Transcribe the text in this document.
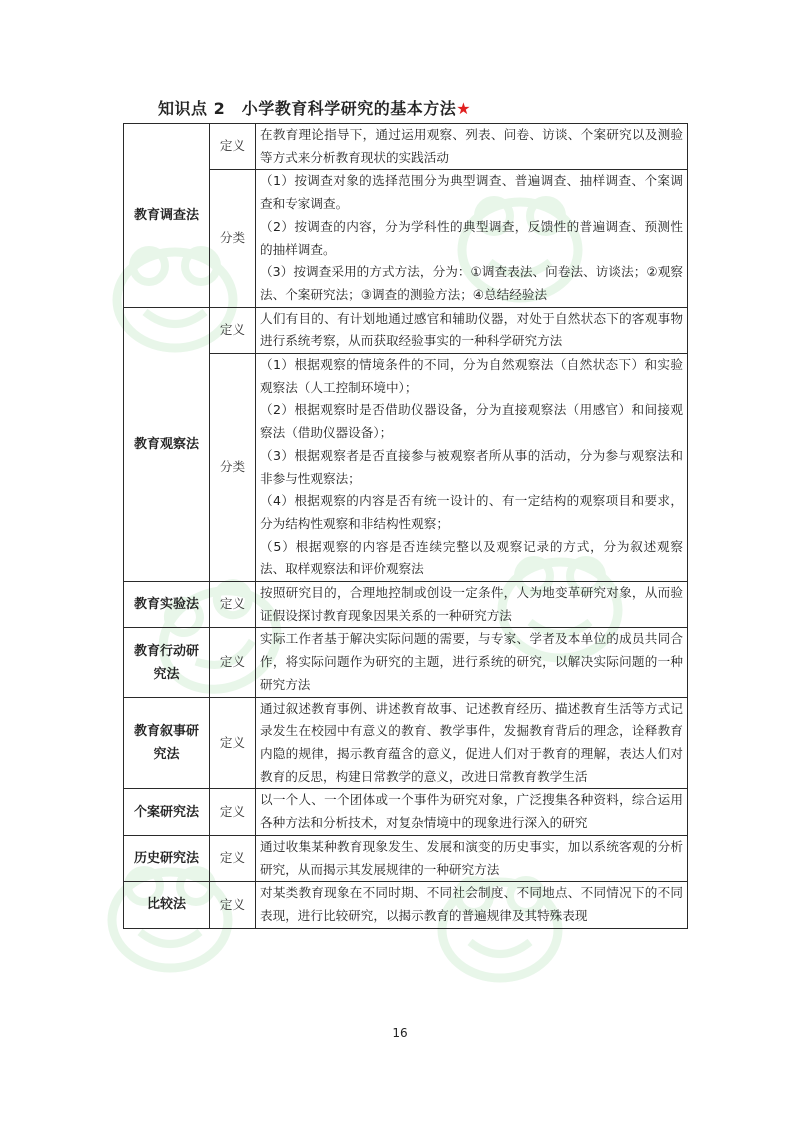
知识点 2　小学教育科学研究的基本方法★
教育调查法	定义	在教育理论指导下，通过运用观察、列表、问卷、访谈、个案研究以及测验等方式来分析教育现状的实践活动
	分类	（1）按调查对象的选择范围分为典型调查、普遍调查、抽样调查、个案调查和专家调查。
（2）按调查的内容，分为学科性的典型调查，反馈性的普遍调查、预测性的抽样调查。
（3）按调查采用的方式方法，分为：①调查表法、问卷法、访谈法；②观察法、个案研究法；③调查的测验方法；④总结经验法

教育观察法	定义	人们有目的、有计划地通过感官和辅助仪器，对处于自然状态下的客观事物进行系统考察，从而获取经验事实的一种科学研究方法
	分类	（1）根据观察的情境条件的不同，分为自然观察法（自然状态下）和实验观察法（人工控制环境中）；
（2）根据观察时是否借助仪器设备，分为直接观察法（用感官）和间接观察法（借助仪器设备）；
（3）根据观察者是否直接参与被观察者所从事的活动，分为参与观察法和非参与性观察法；
（4）根据观察的内容是否有统一设计的、有一定结构的观察项目和要求，分为结构性观察和非结构性观察；
（5）根据观察的内容是否连续完整以及观察记录的方式，分为叙述观察法、取样观察法和评价观察法

教育实验法	定义	按照研究目的，合理地控制或创设一定条件，人为地变革研究对象，从而验证假设探讨教育现象因果关系的一种研究方法
教育行动研究法	定义	实际工作者基于解决实际问题的需要，与专家、学者及本单位的成员共同合作，将实际问题作为研究的主题，进行系统的研究，以解决实际问题的一种研究方法
教育叙事研究法	定义	通过叙述教育事例、讲述教育故事、记述教育经历、描述教育生活等方式记录发生在校园中有意义的教育、教学事件，发掘教育背后的理念，诠释教育内隐的规律，揭示教育蕴含的意义，促进人们对于教育的理解，表达人们对教育的反思，构建日常教学的意义，改进日常教育教学生活
个案研究法	定义	以一个人、一个团体或一个事件为研究对象，广泛搜集各种资料，综合运用各种方法和分析技术，对复杂情境中的现象进行深入的研究
历史研究法	定义	通过收集某种教育现象发生、发展和演变的历史事实，加以系统客观的分析研究，从而揭示其发展规律的一种研究方法
比较法	定义	对某类教育现象在不同时期、不同社会制度、不同地点、不同情况下的不同表现，进行比较研究，以揭示教育的普遍规律及其特殊表现
16
